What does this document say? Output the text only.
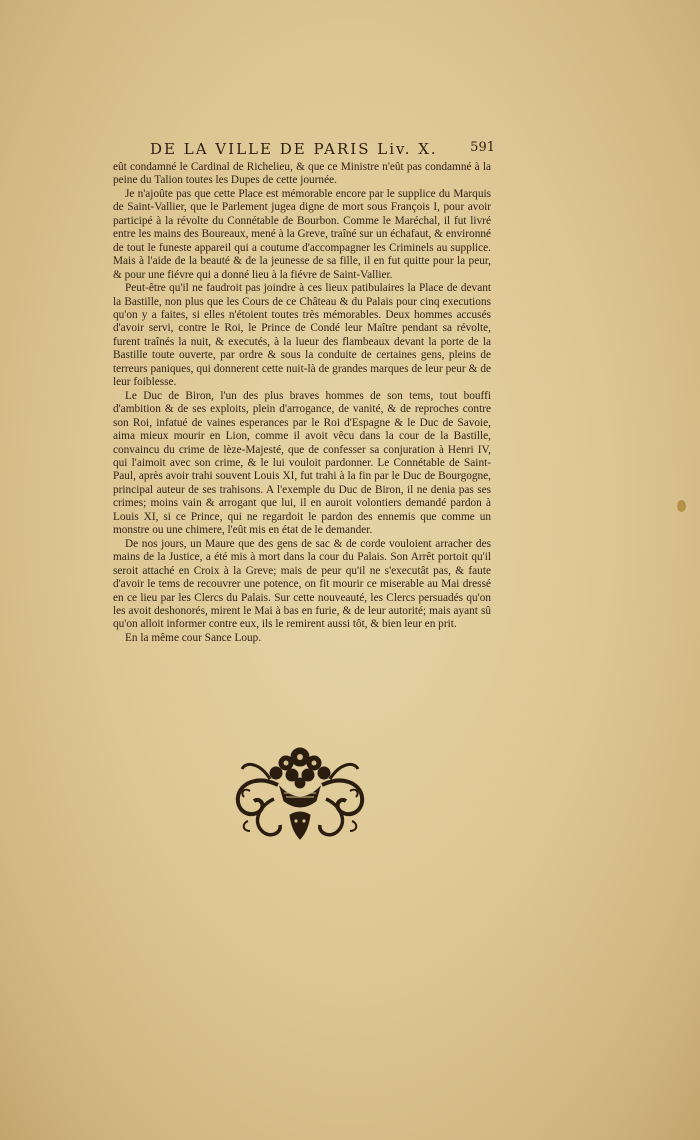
DE LA VILLE DE PARIS Liv. X. 591

eût condamné le Cardinal de Richelieu, & que ce Ministre n'eût pas condamné à la peine du Talion toutes les Dupes de cette journée.

Je n'ajoûte pas que cette Place est mémorable encore par le supplice du Marquis de Saint-Vallier, que le Parlement jugea digne de mort sous François I, pour avoir participé à la révolte du Connétable de Bourbon. Comme le Maréchal, il fut livré entre les mains des Boureaux, mené à la Greve, traîné sur un échafaut, & environné de tout le funeste appareil qui a coutume d'accompagner les Criminels au supplice. Mais à l'aide de la beauté & de la jeunesse de sa fille, il en fut quitte pour la peur, & pour une fiévre qui a donné lieu à la fiévre de Saint-Vallier.

Peut-être qu'il ne faudroit pas joindre à ces lieux patibulaires la Place de devant la Bastille, non plus que les Cours de ce Château & du Palais pour cinq executions qu'on y a faites, si elles n'étoient toutes très mémorables. Deux hommes accusés d'avoir servi, contre le Roi, le Prince de Condé leur Maître pendant sa révolte, furent traînés la nuit, & executés, à la lueur des flambeaux devant la porte de la Bastille toute ouverte, par ordre & sous la conduite de certaines gens, pleins de terreurs paniques, qui donnerent cette nuit-là de grandes marques de leur peur & de leur foiblesse.

Le Duc de Biron, l'un des plus braves hommes de son tems, tout bouffi d'ambition & de ses exploits, plein d'arrogance, de vanité, & de reproches contre son Roi, infatué de vaines esperances par le Roi d'Espagne & le Duc de Savoie, aima mieux mourir en Lion, comme il avoit vêcu dans la cour de la Bastille, convaincu du crime de lèze-Majesté, que de confesser sa conjuration à Henri IV, qui l'aimoit avec son crime, & le lui vouloit pardonner. Le Connétable de Saint-Paul, après avoir trahi souvent Louis XI, fut trahi à la fin par le Duc de Bourgogne, principal auteur de ses trahisons. A l'exemple du Duc de Biron, il ne denia pas ses crimes; moins vain & arrogant que lui, il en auroit volontiers demandé pardon à Louis XI, si ce Prince, qui ne regardoit le pardon des ennemis que comme un monstre ou une chimere, l'eût mis en état de le demander.

De nos jours, un Maure que des gens de sac & de corde vouloient arracher des mains de la Justice, a été mis à mort dans la cour du Palais. Son Arrêt portoit qu'il seroit attaché en Croix à la Greve; mais de peur qu'il ne s'executât pas, & faute d'avoir le tems de recouvrer une potence, on fit mourir ce miserable au Mai dressé en ce lieu par les Clercs du Palais. Sur cette nouveauté, les Clercs persuadés qu'on les avoit deshonorés, mirent le Mai à bas en furie, & de leur autorité; mais ayant sû qu'on alloit informer contre eux, ils le remirent aussi tôt, & bien leur en prit.

En la même cour Sance Loup.
